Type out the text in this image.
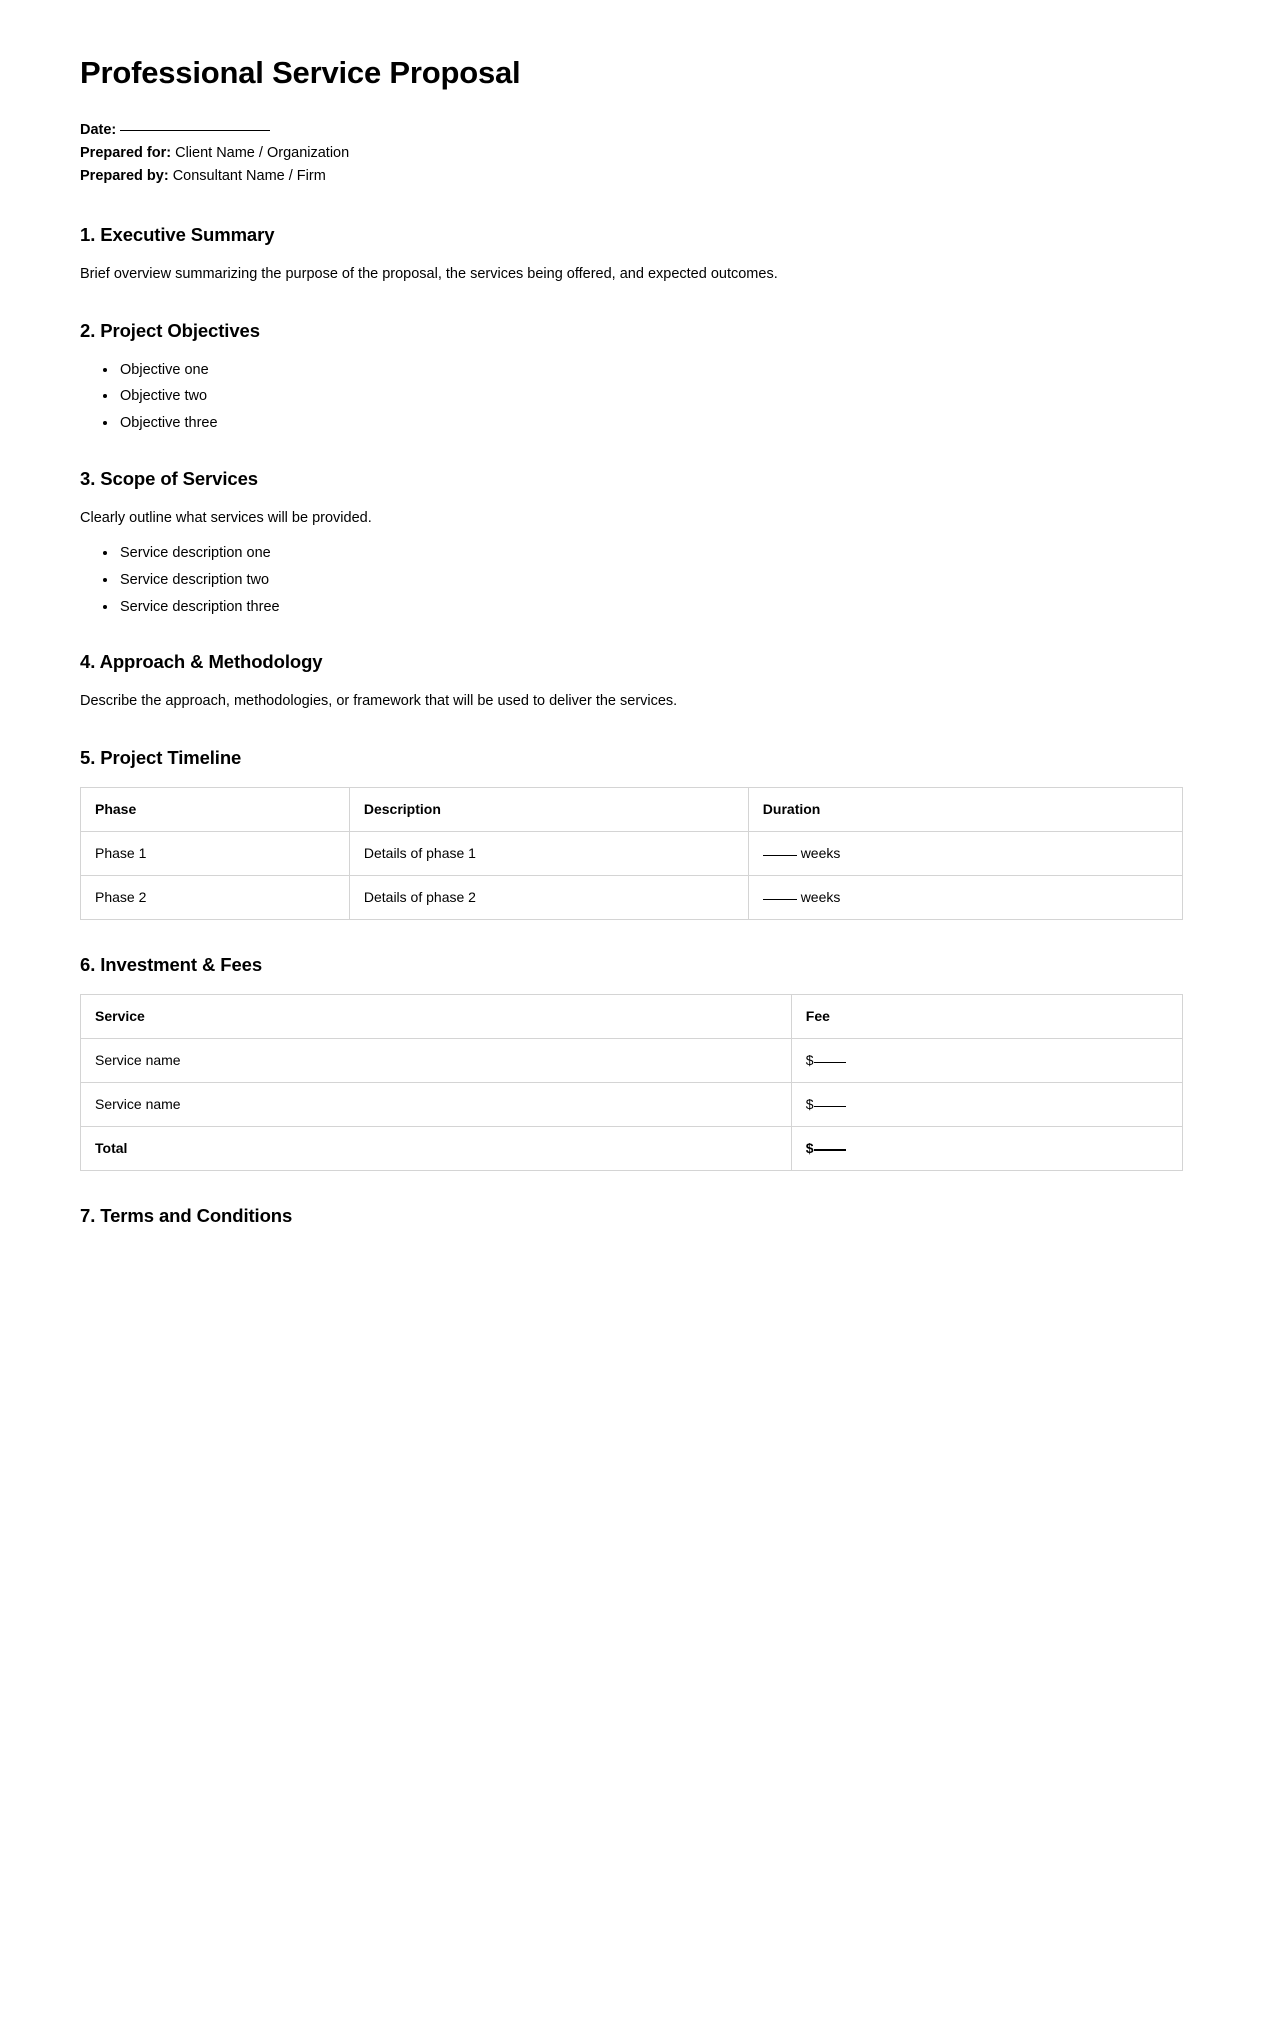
Professional Service Proposal

Date:

Prepared for: Client Name / Organization

Prepared by: Consultant Name / Firm

1. Executive Summary

Brief overview summarizing the purpose of the proposal, the services being offered, and expected outcomes.

2. Project Objectives
• Objective one
• Objective two
• Objective three
3. Scope of Services

Clearly outline what services will be provided.

• Service description one
• Service description two
• Service description three
4. Approach & Methodology

Describe the approach, methodologies, or framework that will be used to deliver the services.

5. Project Timeline
Phase	Description	Duration
Phase 1	Details of phase 1	weeks
Phase 2	Details of phase 2	weeks
6. Investment & Fees
Service	Fee
Service name	$
Service name	$
Total	$
7. Terms and Conditions
